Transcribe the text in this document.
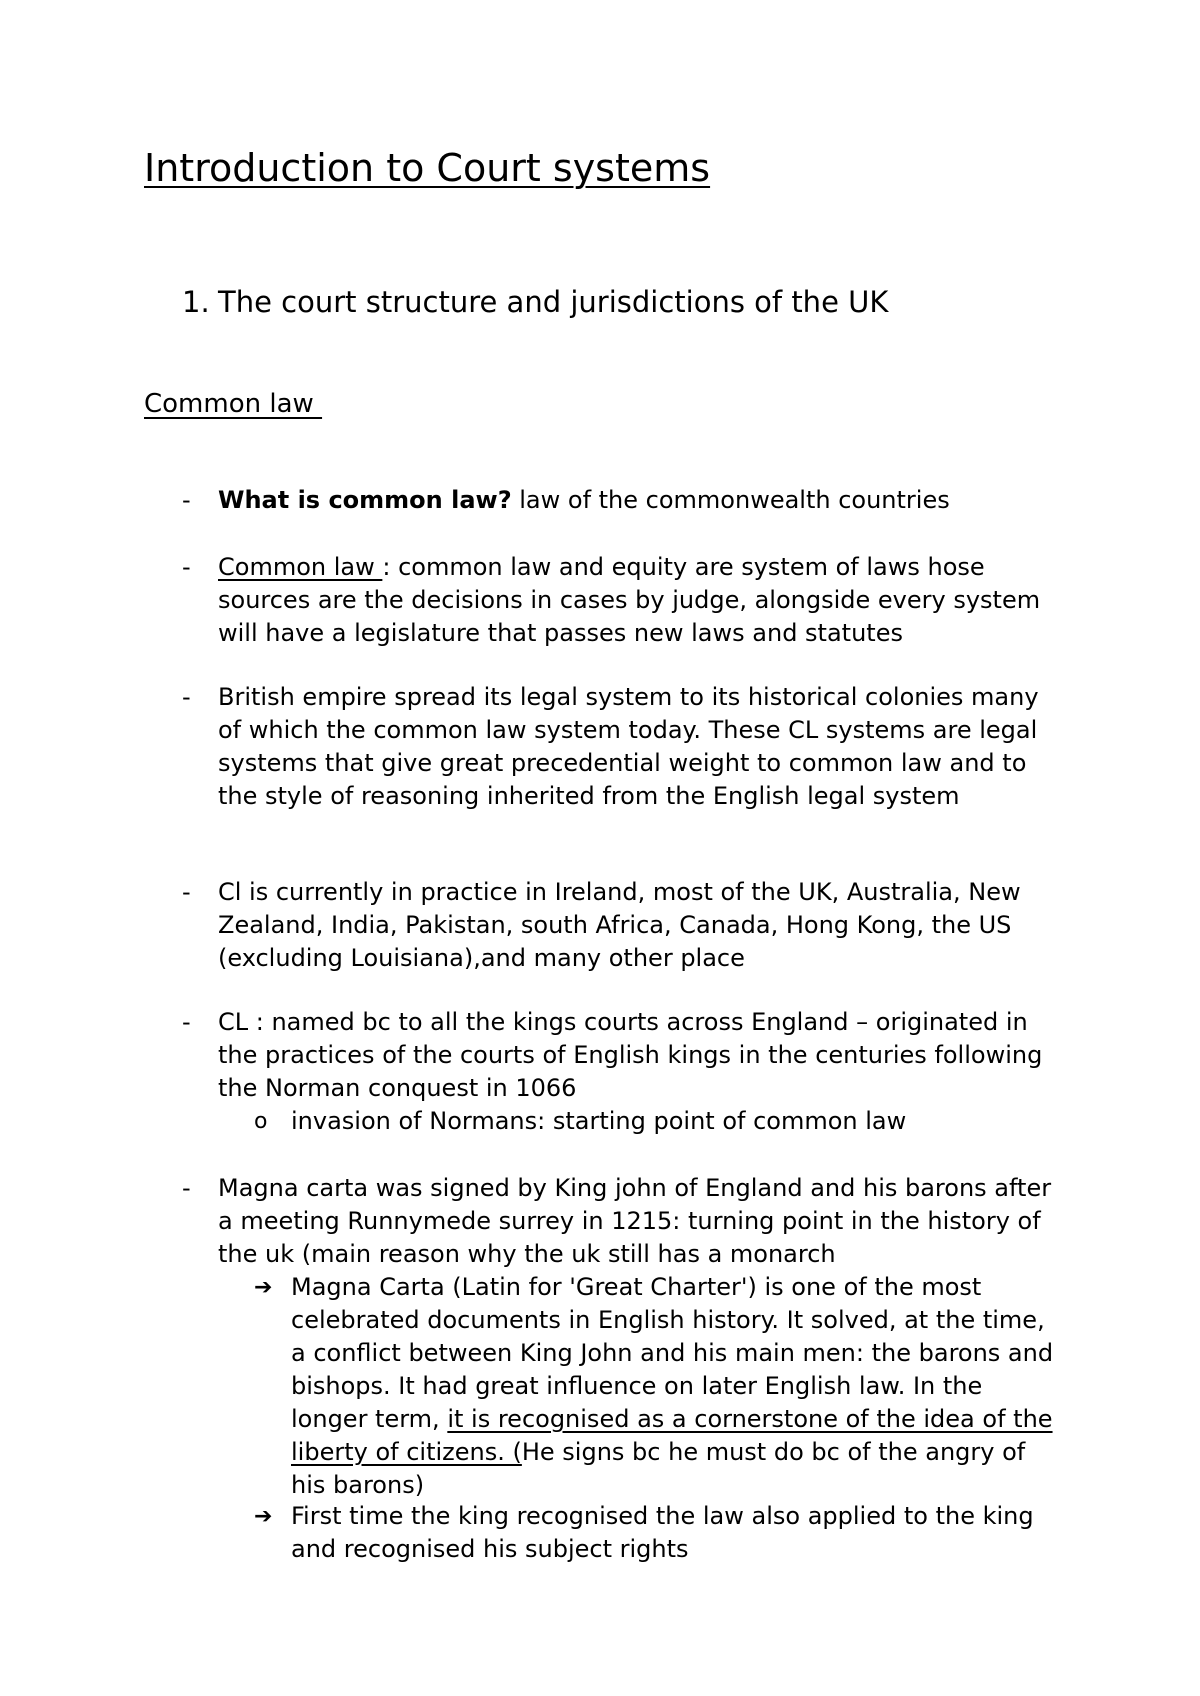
Introduction to Court systems
1. The court structure and jurisdictions of the UK
Common law
- What is common law? law of the commonwealth countries
- Common law : common law and equity are system of laws hose
sources are the decisions in cases by judge, alongside every system
will have a legislature that passes new laws and statutes
- British empire spread its legal system to its historical colonies many
of which the common law system today. These CL systems are legal
systems that give great precedential weight to common law and to
the style of reasoning inherited from the English legal system
- Cl is currently in practice in Ireland, most of the UK, Australia, New
Zealand, India, Pakistan, south Africa, Canada, Hong Kong, the US
(excluding Louisiana),and many other place
- CL : named bc to all the kings courts across England – originated in
the practices of the courts of English kings in the centuries following
the Norman conquest in 1066
o invasion of Normans: starting point of common law
- Magna carta was signed by King john of England and his barons after
a meeting Runnymede surrey in 1215: turning point in the history of
the uk (main reason why the uk still has a monarch
➔ Magna Carta (Latin for 'Great Charter') is one of the most
celebrated documents in English history. It solved, at the time,
a conflict between King John and his main men: the barons and
bishops. It had great influence on later English law. In the
longer term, it is recognised as a cornerstone of the idea of the
liberty of citizens. (He signs bc he must do bc of the angry of
his barons)
➔ First time the king recognised the law also applied to the king
and recognised his subject rights
